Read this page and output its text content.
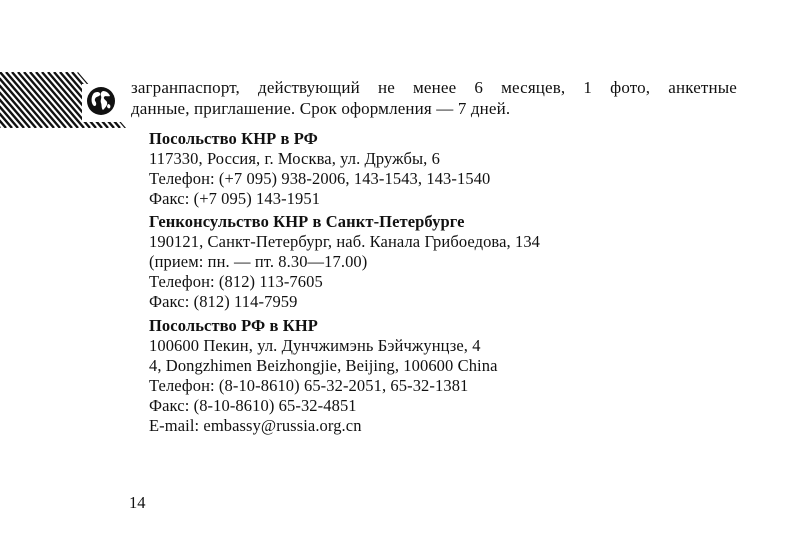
загранпаспорт, действующий не менее 6 месяцев, 1 фото, анкетные
данные, приглашение. Срок оформления — 7 дней.
Посольство КНР в РФ
117330, Россия, г. Москва, ул. Дружбы, 6
Телефон: (+7 095) 938-2006, 143-1543, 143-1540
Факс: (+7 095) 143-1951
Генконсульство КНР в Санкт-Петербурге
190121, Санкт-Петербург, наб. Канала Грибоедова, 134
(прием: пн. — пт. 8.30—17.00)
Телефон: (812) 113-7605
Факс: (812) 114-7959
Посольство РФ в КНР
100600 Пекин, ул. Дунчжимэнь Бэйчжунцзе, 4
4, Dongzhimen Beizhongjie, Beijing, 100600 China
Телефон: (8-10-8610) 65-32-2051, 65-32-1381
Факс: (8-10-8610) 65-32-4851
E-mail: embassy@russia.org.cn
14
